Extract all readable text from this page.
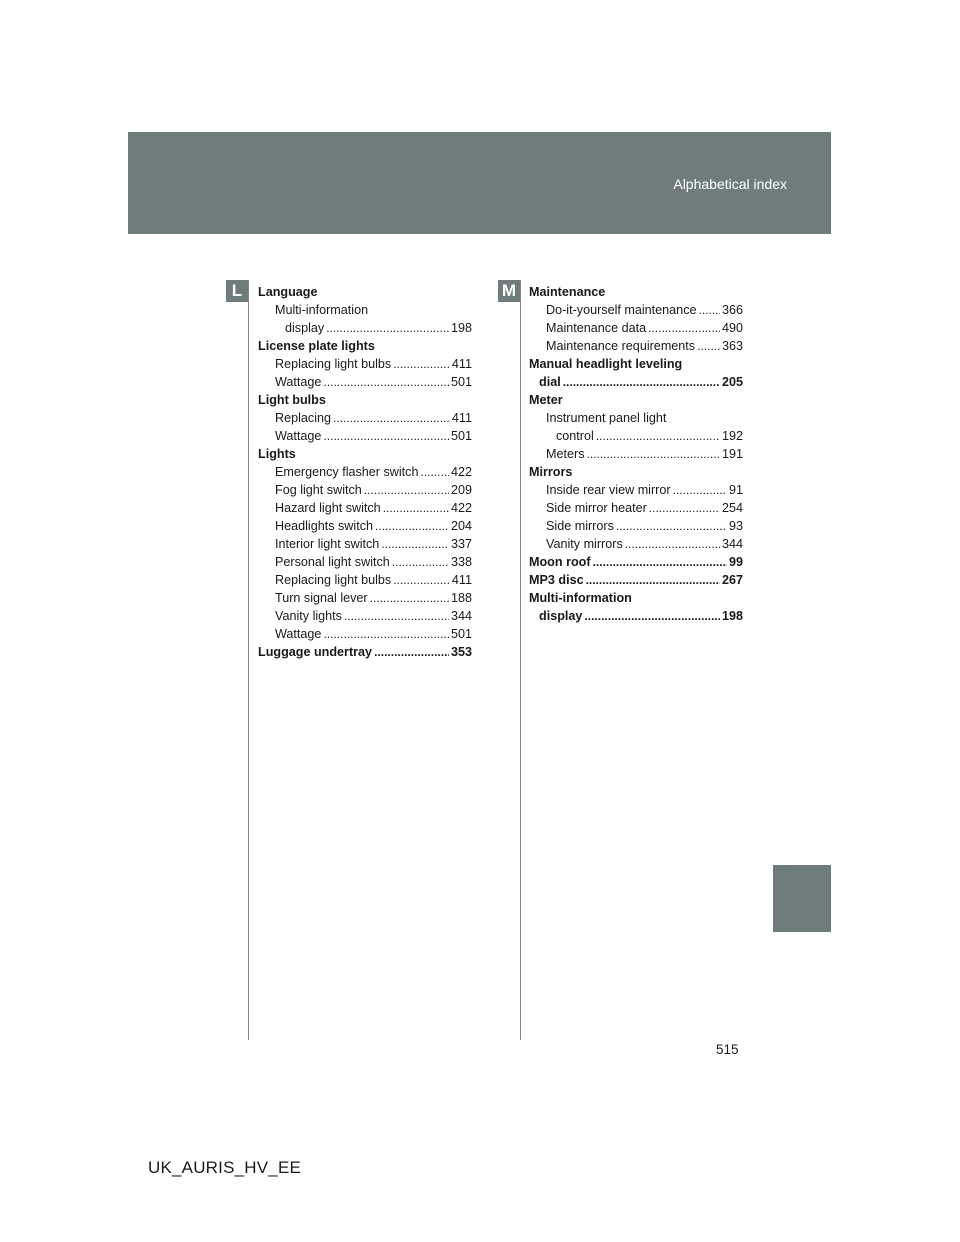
Alphabetical index
L	M
Language
Multi-information
display .....	198
License plate lights
Replacing light bulbs .....	411
Wattage .....	501
Light bulbs
Replacing .....	411
Wattage .....	501
Lights
Emergency flasher switch .....	422
Fog light switch .....	209
Hazard light switch .....	422
Headlights switch .....	204
Interior light switch .....	337
Personal light switch .....	338
Replacing light bulbs .....	411
Turn signal lever .....	188
Vanity lights .....	344
Wattage .....	501
Luggage undertray .....	353
Maintenance
Do-it-yourself maintenance ..... 366
Maintenance data .....	490
Maintenance requirements ..... 363
Manual headlight leveling
dial .....	205
Meter
Instrument panel light
control .....	192
Meters .....	191
Mirrors
Inside rear view mirror .....	91
Side mirror heater .....	254
Side mirrors .....	93
Vanity mirrors .....	344
Moon roof .....	99
MP3 disc .....	267
Multi-information
display .....	198
515
UK_AURIS_HV_EE
